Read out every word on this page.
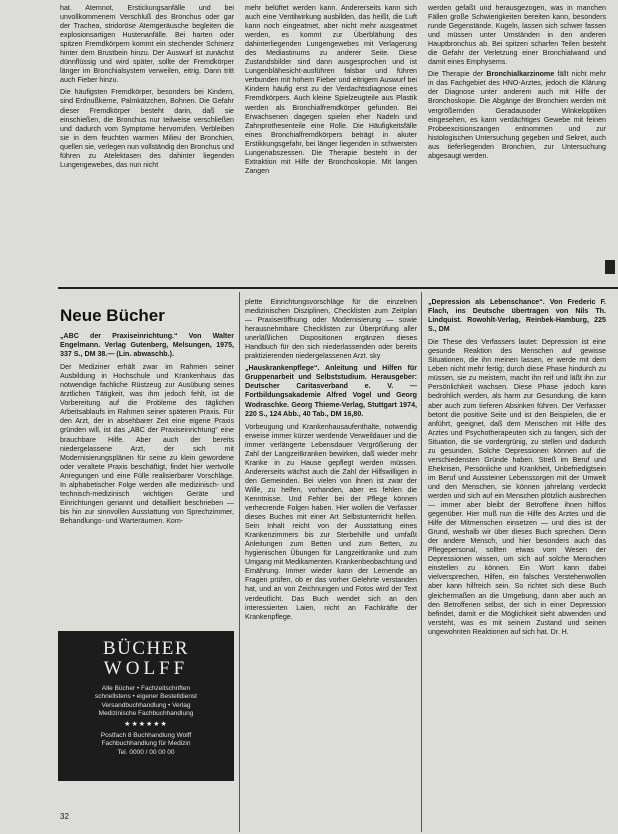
hat. Atemnot, Erstickungsanfälle und bei unvollkommenem Verschluß des Bronchus oder gar der Trachea, stridoröse Atemgeräusche begleiten die explosionsartigen Hustenanfälle. Bei harten oder spitzen Fremdkörpern kommt ein stechender Schmerz hinter dem Brustbein hinzu. Der Auswurf ist zunächst dünnflüssig und wird später, sollte der Fremdkörper länger im Bronchialsystem verweilen, eitrig. Dann tritt auch Fieber hinzu.

Die häufigsten Fremdkörper, besonders bei Kindern, sind Erdnußkerne, Palmkätzchen, Bohnen. Die Gefahr dieser Fremdkörper besteht darin, daß sie einschießen, die Bronchus nur teilweise verschließen und dadurch vom Symptome hervorrufen. Verbleiben sie in dem feuchten warmen Milieu der Bronchien, quellen sie, verlegen nun vollständig den Bronchus und führen zu Atelektasen des dahinter liegenden Lungengewebes, das nun nicht

mehr belüftet werden kann. Andererseits kann sich auch eine Ventilwirkung ausbilden, das heißt, die Luft kann noch eingeatmet, aber nicht mehr ausgeatmet werden, es kommt zur Überblähung des dahinterliegenden Lungengewebes mit Verlagerung des Mediastinums zu anderer Seite. Diese Zustandsbilder sind dann ausgesprochen und ist Lungenblähesicht-ausführen falsbar und führen verbunden mit hohem Fieber und eitrigem Auswurf bei Kindern häufig erst zu der Verdachtsdiagnose eines Fremdkörpers. Auch kleine Spielzeugteile aus Plastik werden als Bronchialfremdkörper gefunden. Bei Erwachsenen dagegen spielen eher Nadeln und Zahnprothesenteile eine Rolle. Die Häufigkeitsfälle eines Bronchialfremdkörpers beträgt in akuter Erstikkungsgefahr, bei länger liegenden in schwersten Lungenabszessen. Die Therapie besteht in der Extraktion mit Hilfe der Bronchoskopie. Mit langen Zangen

werden gefaßt und herausgezogen, was in manchen Fällen große Schwierigkeiten bereiten kann, besonders runde Gegenstände. Kugeln, lassen sich schwer fassen und müssen unter Umständen in den anderen Hauptbronchus ab. Bei spitzen scharfen Teilen besteht die Gefahr der Verletzung einer Bronchialwand und damit eines Emphysems.

Die Therapie der Bronchialkarzinome fällt nicht mehr in das Fachgebiet des HNO-Arztes, jedoch die Klärung der Diagnose unter anderem auch mit Hilfe der Bronchoskopie. Die Abgänge der Bronchien werden mit vergrößernden Geradausoder Winkeloptiken eingesehen, es kann verdächtiges Gewebe mit feinen Probeexcisionszangen entnommen und zur histologischen Untersuchung gegeben und Sekret, auch aus tieferliegenden Bronchien, zur Untersuchung abgesaugt werden.

Neue Bücher

„ABC der Praxiseinrichtung.“ Von Walter Engelmann. Verlag Gutenberg, Melsungen, 1975, 337 S., DM 38.— (Lin. abwaschb.).

Der Mediziner erhält zwar im Rahmen seiner Ausbildung in Hochschule und Krankenhaus das notwendige fachliche Rüstzeug zur Ausübung seines ärztlichen Tätigkeit, was ihm jedoch fehlt, ist die Vorbereitung auf die Probleme des täglichen Arbeitsablaufs im Rahmen seiner späteren Praxis. Für den Arzt, der in absehbarer Zeit eine eigene Praxis gründen will, ist das „ABC der Praxiseinrichtung“ eine brauchbare Hilfe. Aber auch der bereits niedergelassene Arzt, der sich mit Modernisierungsplänen für seine zu klein gewordene oder veraltete Praxis beschäftigt, findet hier wertvolle Anregungen und eine Fülle realisierbarer Vorschläge. In alphabetischer Folge werden alle medizinisch- und technisch-medizinisch wichtigen Geräte und Einrichtungen genannt und detailliert beschrieben — bis hin zur sinnvollen Ausstattung von Sprechzimmer, Behandlungs- und Warteräumen. Kom-

plette Einrichtungsvorschläge für die einzelnen medizinischen Disziplinen, Checklisten zum Zeitplan — Praxiseröffnung oder Modernisierung — sowie herausnehmbare Checklisten zur Überprüfung aller unerläßlichen Dispositionen ergänzen dieses Handbuch für den sich niederlassenden oder bereits praktizierenden niedergelassenen Arzt. sky

„Hauskrankenpflege“. Anleitung und Hilfen für Gruppenarbeit und Selbststudium. Herausgeber: Deutscher Caritasverband e. V. — Fortbildungsakademie Alfred Vogel und Georg Wodraschke. Georg Thieme-Verlag, Stuttgart 1974, 220 S., 124 Abb., 40 Tab., DM 16,80.

Vorbeugung und Krankenhausaufenthalte, notwendig erweise immer kürzer werdende Verweildauer und die immer verlängerte Lebensdauer Vergrößerung der Zahl der Langzeitkranken bewirken, daß wieder mehr Kranke in zu Hause gepflegt werden müssen. Andererseits wächst auch die Zahl der Hilfswilligen in den Gemeinden. Bei vielen von ihnen ist zwar der Wille, zu helfen, vorhanden, aber es fehlen die Kenntnisse. Und Fehler bei der Pflege können verhecrende Folgen haben. Hier wollen die Verfasser dieses Buches mit einer Art Selbstunterricht helfen. Sein Inhalt reicht von der Ausstattung eines Krankenzimmers bis zur Sterbehilfe und umfaßt Anleitungen zum Betten und zum Betten, zu hygienischen Übungen für Langzeitkranke und zum Umgang mit Medikamenten. Krankenbeobachtung und Ernährung. Immer wieder kann der Lernende an Fragen prüfen, ob er das vorher Gelehrte verstanden hat, und an von Zeichnungen und Fotos wird der Text verdeutlicht. Das Buch wendet sich an den interessierten Laien, nicht an Fachkräfte der Krankenpflege.

„Depression als Lebenschance“. Von Frederic F. Flach, ins Deutsche übertragen von Nils Th. Lindquist. Rowohlt-Verlag, Reinbek-Hamburg, 225 S., DM

Die These des Verfassers lautet: Depression ist eine gesunde Reaktion des Menschen auf gewisse Situationen, die ihn meinen lassen, er werde mit dem Leben nicht mehr fertig; durch diese Phase hindurch zu müssen, sie zu meistern, macht ihn reif und läßt ihn zur Persönlichkeit wachsen. Diese Phase jedoch kann bedrohlich werden, als harm zur Gesundung, die kann aber auch zum tieferen Absinken führen. Der Verfasser betont die positive Seite und ist den Beispielen, die er anführt, geeignet, daß dem Menschen mit Hilfe des Arztes und Psychotherapeuten sich zu fangen, sich der Situation, die sie vordergrünig, zu stellen und dadurch zu gesunden. Solche Depressionen können auf die verschiedensten Gründe haben. Streß im Beruf und Ehekrisen, Persönliche und Krankheit, Unbefriedigtsein im Beruf und Aussteiner Lebenssorgen mit der Umwelt und den Menschen, sie können jahrelang verdeckt werden und sich auf ein Menschen plötzlich ausbrechen — immer aber bleibt der Betroffene ihnen hilflos gegenüber. Hier muß nun die Hilfe des Arztes und die Hilfe der Mitmenschen einsetzen — und dies ist der Grund, weshalb wir über dieses Buch sprechen. Denn der andere Mensch, und hier besonders auch das Pflegepersonal, sollten etwas vom Wesen der Depressionen wissen, um sich auf solche Menschen einstellen zu können. Ein Wort kann dabei vielversprechen, Hilfen, ein falsches Verstehenwollen aber kann hilfreich sein. So richtet sich diese Buch gleichermaßen an die Umgebung, dann aber auch an den Betroffenen selbst, der sich in einer Depression befindet, damit er die Möglichkeit sieht abwenden und versteht, was es mit seinem Zustand und seinen ungewohnten Reaktionen auf sich hat. Dr. H.

BÜCHER
WOLFF
Alle Bücher • Fachzeitschriften
schnellstens • eigener Bestelldienst
Versandbuchhandlung • Verlag
Medizinische Fachbuchhandlung
★★★★★★
Postfach 8 Buchhandlung Wolff
Fachbuchhandlung für Medizin
Tel. 0000 / 00 00 00
32
